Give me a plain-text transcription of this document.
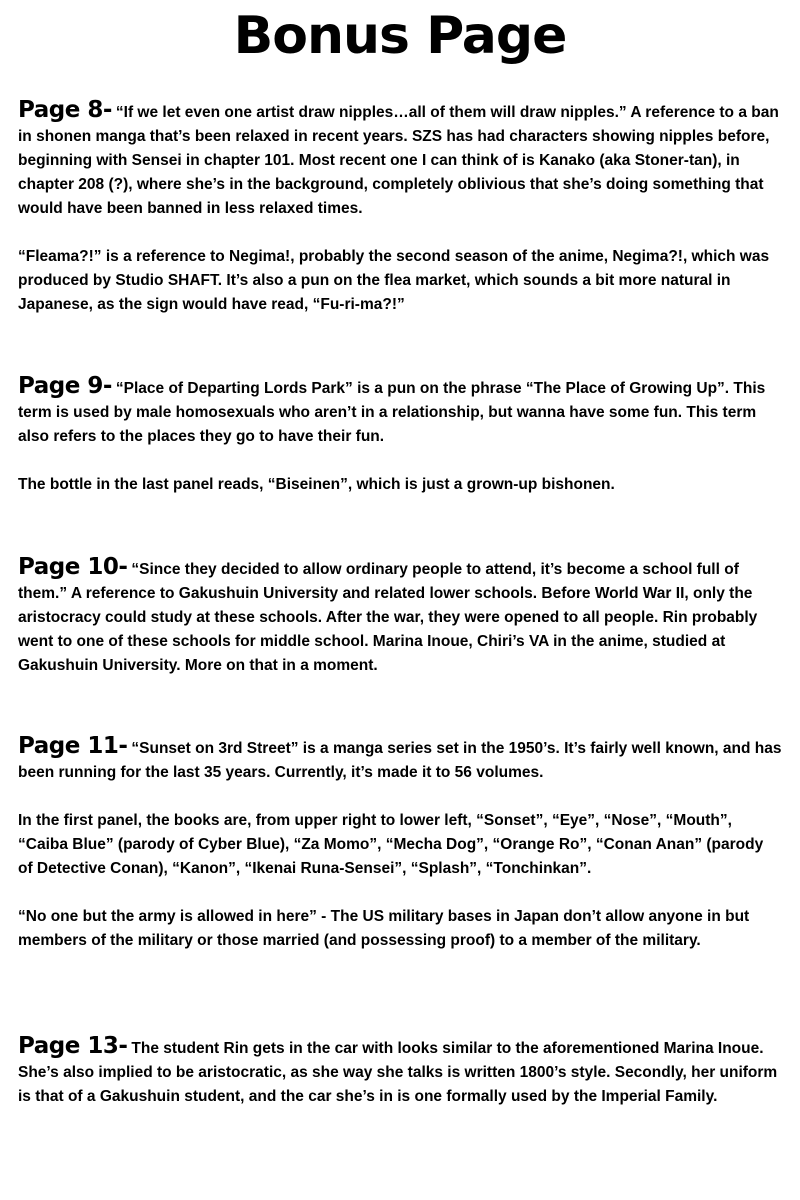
Bonus Page

Page 8- “If we let even one artist draw nipples…all of them will draw nipples.” A reference to a ban in shonen manga that’s been relaxed in recent years. SZS has had characters showing nipples before, beginning with Sensei in chapter 101. Most recent one I can think of is Kanako (aka Stoner-tan), in chapter 208 (?), where she’s in the background, completely oblivious that she’s doing something that would have been banned in less relaxed times.

“Fleama?!” is a reference to Negima!, probably the second season of the anime, Negima?!, which was produced by Studio SHAFT. It’s also a pun on the flea market, which sounds a bit more natural in Japanese, as the sign would have read, “Fu-ri-ma?!”

Page 9- “Place of Departing Lords Park” is a pun on the phrase “The Place of Growing Up”. This term is used by male homosexuals who aren’t in a relationship, but wanna have some fun. This term also refers to the places they go to have their fun.

The bottle in the last panel reads, “Biseinen”, which is just a grown-up bishonen.

Page 10- “Since they decided to allow ordinary people to attend, it’s become a school full of them.” A reference to Gakushuin University and related lower schools. Before World War II, only the aristocracy could study at these schools. After the war, they were opened to all people. Rin probably went to one of these schools for middle school. Marina Inoue, Chiri’s VA in the anime, studied at Gakushuin University. More on that in a moment.

Page 11- “Sunset on 3rd Street” is a manga series set in the 1950’s. It’s fairly well known, and has been running for the last 35 years. Currently, it’s made it to 56 volumes.

In the first panel, the books are, from upper right to lower left, “Sonset”, “Eye”, “Nose”, “Mouth”, “Caiba Blue” (parody of Cyber Blue), “Za Momo”, “Mecha Dog”, “Orange Ro”, “Conan Anan” (parody of Detective Conan), “Kanon”, “Ikenai Runa-Sensei”, “Splash”, “Tonchinkan”.

“No one but the army is allowed in here” - The US military bases in Japan don’t allow anyone in but members of the military or those married (and possessing proof) to a member of the military.

Page 13- The student Rin gets in the car with looks similar to the aforementioned Marina Inoue. She’s also implied to be aristocratic, as she way she talks is written 1800’s style. Secondly, her uniform is that of a Gakushuin student, and the car she’s in is one formally used by the Imperial Family.
